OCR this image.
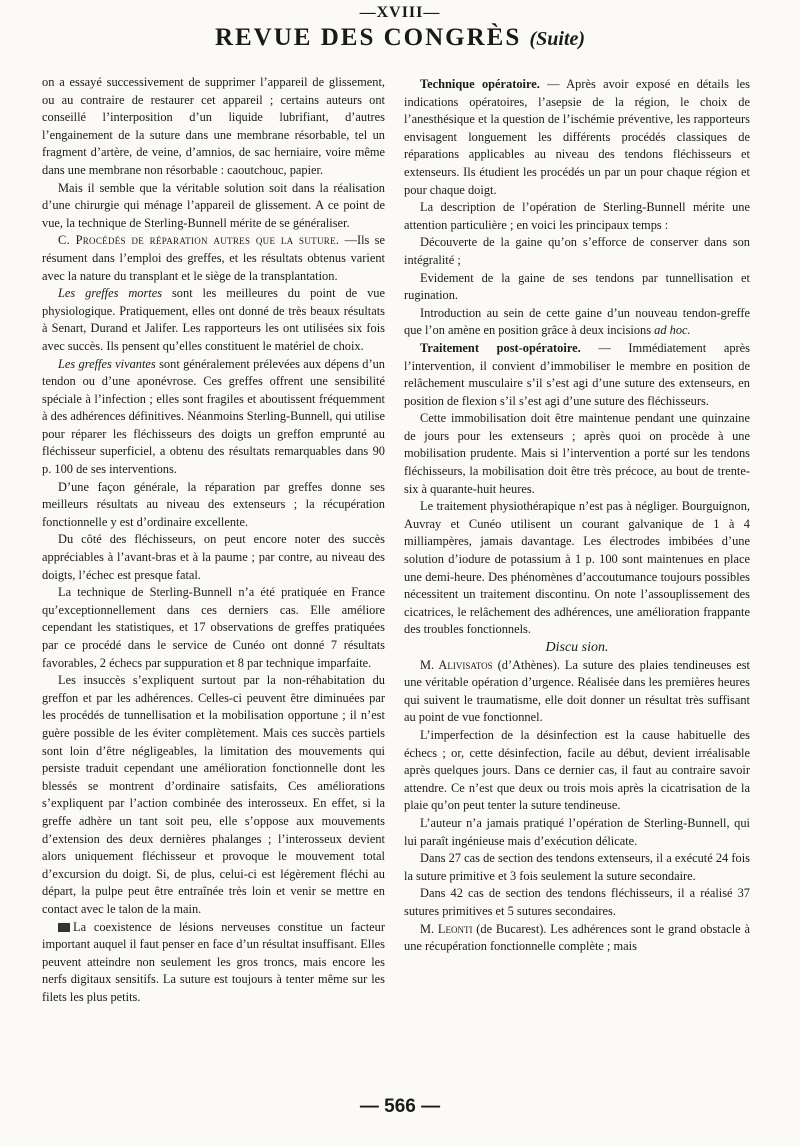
—XVIII—
REVUE DES CONGRÈS (Suite)

on a essayé successivement de supprimer l’appareil de glissement, ou au contraire de restaurer cet appareil ; certains auteurs ont conseillé l’interposition d’un liquide lubrifiant, d’autres l’engainement de la suture dans une membrane résorbable, tel un fragment d’artère, de veine, d’amnios, de sac herniaire, voire même dans une membrane non résorbable : caoutchouc, papier.

Mais il semble que la véritable solution soit dans la réalisation d’une chirurgie qui ménage l’appareil de glissement. A ce point de vue, la technique de Sterling-Bunnell mérite de se généraliser.

C. Procédés de réparation autres que la suture. —Ils se résument dans l’emploi des greffes, et les résultats obtenus varient avec la nature du transplant et le siège de la transplantation.

Les greffes mortes sont les meilleures du point de vue physiologique. Pratiquement, elles ont donné de très beaux résultats à Senart, Durand et Jalifer. Les rapporteurs les ont utilisées six fois avec succès. Ils pensent qu’elles constituent le matériel de choix.

Les greffes vivantes sont généralement prélevées aux dépens d’un tendon ou d’une aponévrose. Ces greffes offrent une sensibilité spéciale à l’infection ; elles sont fragiles et aboutissent fréquemment à des adhérences définitives. Néanmoins Sterling-Bunnell, qui utilise pour réparer les fléchisseurs des doigts un greffon emprunté au fléchisseur superficiel, a obtenu des résultats remarquables dans 90 p. 100 de ses interventions.

D’une façon générale, la réparation par greffes donne ses meilleurs résultats au niveau des extenseurs ; la récupération fonctionnelle y est d’ordinaire excellente.

Du côté des fléchisseurs, on peut encore noter des succès appréciables à l’avant-bras et à la paume ; par contre, au niveau des doigts, l’échec est presque fatal.

La technique de Sterling-Bunnell n’a été pratiquée en France qu’exceptionnellement dans ces derniers cas. Elle améliore cependant les statistiques, et 17 observations de greffes pratiquées par ce procédé dans le service de Cunéo ont donné 7 résultats favorables, 2 échecs par suppuration et 8 par technique imparfaite.

Les insuccès s’expliquent surtout par la non-réhabitation du greffon et par les adhérences. Celles-ci peuvent être diminuées par les procédés de tunnellisation et la mobilisation opportune ; il n’est guère possible de les éviter complètement. Mais ces succès partiels sont loin d’être négligeables, la limitation des mouvements qui persiste traduit cependant une amélioration fonctionnelle dont les blessés se montrent d’ordinaire satisfaits, Ces améliorations s’expliquent par l’action combinée des interosseux. En effet, si la greffe adhère un tant soit peu, elle s’oppose aux mouvements d’extension des deux dernières phalanges ; l’interosseux devient alors uniquement fléchisseur et provoque le mouvement total d’excursion du doigt. Si, de plus, celui-ci est légèrement fléchi au départ, la pulpe peut être entraînée très loin et venir se mettre en contact avec le talon de la main.

La coexistence de lésions nerveuses constitue un facteur important auquel il faut penser en face d’un résultat insuffisant. Elles peuvent atteindre non seulement les gros troncs, mais encore les nerfs digitaux sensitifs. La suture est toujours à tenter même sur les filets les plus petits.

Technique opératoire. — Après avoir exposé en détails les indications opératoires, l’asepsie de la région, le choix de l’anesthésique et la question de l’ischémie préventive, les rapporteurs envisagent longuement les différents procédés classiques de réparations applicables au niveau des tendons fléchisseurs et extenseurs. Ils étudient les procédés un par un pour chaque région et pour chaque doigt.

La description de l’opération de Sterling-Bunnell mérite une attention particulière ; en voici les principaux temps :

Découverte de la gaine qu’on s’efforce de conserver dans son intégralité ;

Evidement de la gaine de ses tendons par tunnellisation et rugination.

Introduction au sein de cette gaine d’un nouveau tendon-greffe que l’on amène en position grâce à deux incisions ad hoc.

Traitement post-opératoire. — Immédiatement après l’intervention, il convient d’immobiliser le membre en position de relâchement musculaire s’il s’est agi d’une suture des extenseurs, en position de flexion s’il s’est agi d’une suture des fléchisseurs.

Cette immobilisation doit être maintenue pendant une quinzaine de jours pour les extenseurs ; après quoi on procède à une mobilisation prudente. Mais si l’intervention a porté sur les tendons fléchisseurs, la mobilisation doit être très précoce, au bout de trente-six à quarante-huit heures.

Le traitement physiothérapique n’est pas à négliger. Bourguignon, Auvray et Cunéo utilisent un courant galvanique de 1 à 4 milliampères, jamais davantage. Les électrodes imbibées d’une solution d’iodure de potassium à 1 p. 100 sont maintenues en place une demi-heure. Des phénomènes d’accoutumance toujours possibles nécessitent un traitement discontinu. On note l’assouplissement des cicatrices, le relâchement des adhérences, une amélioration frappante des troubles fonctionnels.

Discu sion.

M. Alivisatos (d’Athènes). La suture des plaies tendineuses est une véritable opération d’urgence. Réalisée dans les premières heures qui suivent le traumatisme, elle doit donner un résultat très suffisant au point de vue fonctionnel.

L’imperfection de la désinfection est la cause habituelle des échecs ; or, cette désinfection, facile au début, devient irréalisable après quelques jours. Dans ce dernier cas, il faut au contraire savoir attendre. Ce n’est que deux ou trois mois après la cicatrisation de la plaie qu’on peut tenter la suture tendineuse.

L’auteur n’a jamais pratiqué l’opération de Sterling-Bunnell, qui lui paraît ingénieuse mais d’exécution délicate.

Dans 27 cas de section des tendons extenseurs, il a exécuté 24 fois la suture primitive et 3 fois seulement la suture secondaire.

Dans 42 cas de section des tendons fléchisseurs, il a réalisé 37 sutures primitives et 5 sutures secondaires.

M. Leonti (de Bucarest). Les adhérences sont le grand obstacle à une récupération fonctionnelle complète ; mais

— 566 —
